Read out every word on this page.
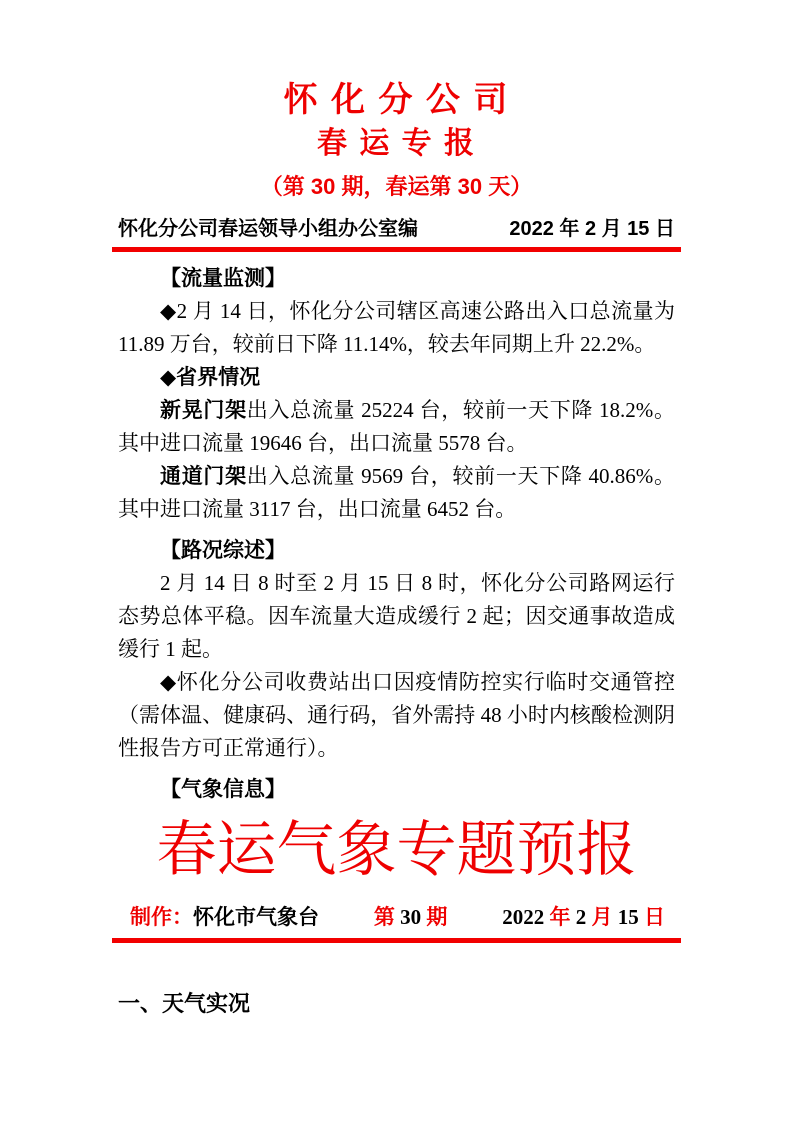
怀 化 分 公 司
春 运 专 报
（第 30 期，春运第 30 天）
怀化分公司春运领导小组办公室编	2022 年 2 月 15 日

【流量监测】

◆2 月 14 日，怀化分公司辖区高速公路出入口总流量为 11.89 万台，较前日下降 11.14%，较去年同期上升 22.2%。

◆省界情况

新晃门架出入总流量 25224 台，较前一天下降 18.2%。其中进口流量 19646 台，出口流量 5578 台。

通道门架出入总流量 9569 台，较前一天下降 40.86%。其中进口流量 3117 台，出口流量 6452 台。

【路况综述】

2 月 14 日 8 时至 2 月 15 日 8 时，怀化分公司路网运行态势总体平稳。因车流量大造成缓行 2 起；因交通事故造成缓行 1 起。

◆怀化分公司收费站出口因疫情防控实行临时交通管控（需体温、健康码、通行码，省外需持 48 小时内核酸检测阴性报告方可正常通行）。

【气象信息】

春运气象专题预报
制作： 怀化市气象台	第 30 期	2022 年 2 月 15 日
一、天气实况
